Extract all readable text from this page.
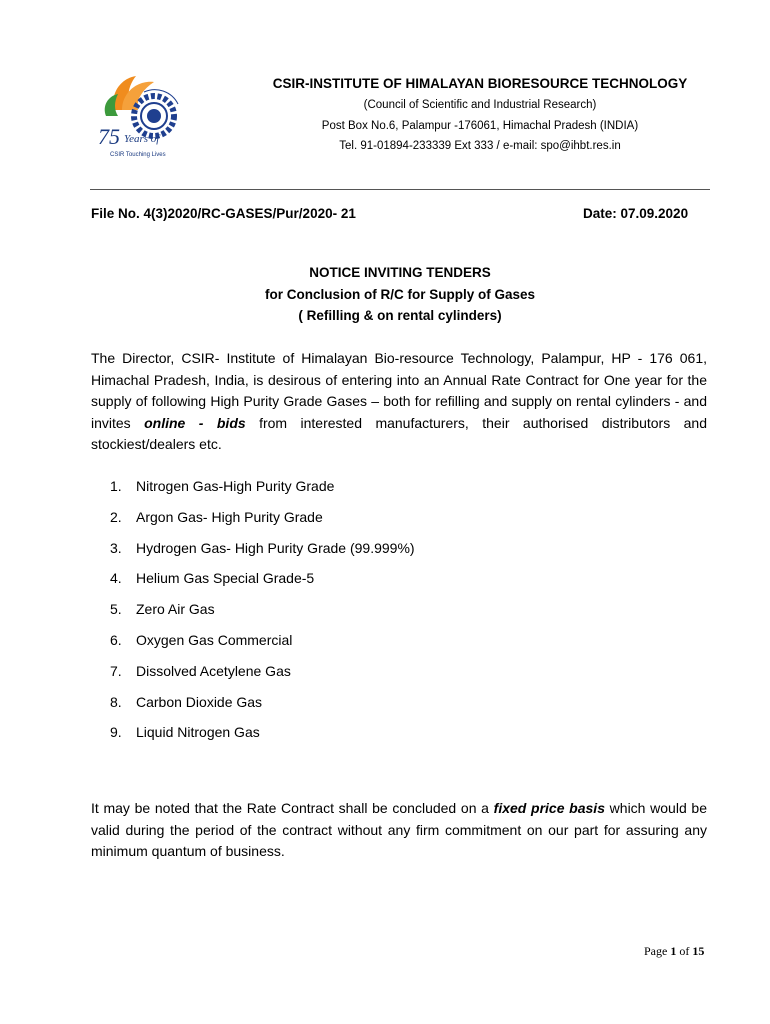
75 Years of
CSIR Touching Lives
CSIR-INSTITUTE OF HIMALAYAN BIORESOURCE TECHNOLOGY
(Council of Scientific and Industrial Research)
Post Box No.6, Palampur -176061, Himachal Pradesh (INDIA)
Tel. 91-01894-233339 Ext 333 / e-mail: spo@ihbt.res.in
File No. 4(3)2020/RC-GASES/Pur/2020- 21	Date: 07.09.2020
NOTICE INVITING TENDERS
for Conclusion of R/C for Supply of Gases
( Refilling & on rental cylinders)
The Director, CSIR- Institute of Himalayan Bio-resource Technology, Palampur, HP - 176 061, Himachal Pradesh, India, is desirous of entering into an Annual Rate Contract for One year for the supply of following High Purity Grade Gases – both for refilling and supply on rental cylinders - and invites online - bids from interested manufacturers, their authorised distributors and stockiest/dealers etc.
1. Nitrogen Gas-High Purity Grade
2. Argon Gas- High Purity Grade
3. Hydrogen Gas- High Purity Grade (99.999%)
4. Helium Gas Special Grade-5
5. Zero Air Gas
6. Oxygen Gas Commercial
7. Dissolved Acetylene Gas
8. Carbon Dioxide Gas
9. Liquid Nitrogen Gas
It may be noted that the Rate Contract shall be concluded on a fixed price basis which would be valid during the period of the contract without any firm commitment on our part for assuring any minimum quantum of business.
Page 1 of 15
